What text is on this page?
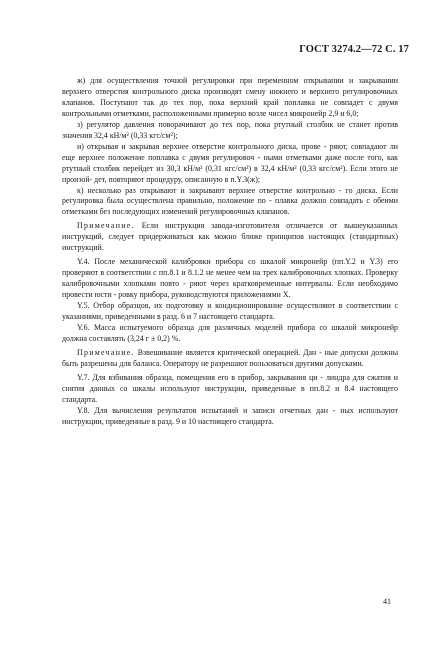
ГОСТ 3274.2—72 С. 17

ж) для осуществления точной регулировки при переменном открывании и закрывании верхнего отверстия контрольного диска производят смену нижнего и верхнего регулировочных клапанов. Поступают так до тех пор, пока верхний край поплавка не совпадет с двумя контрольными отметками, расположенными примерно возле чисел микронейр 2,9 и 6,0;

з) регулятор давления поворачивают до тех пор, пока ртутный столбик не станет против значения 32,4 кН/м² (0,33 кгс/см²);

и) открывая и закрывая верхнее отверстие контрольного диска, прове - ряют, совпадают ли еще верхнее положение поплавка с двумя регулировоч - ными отметками даже после того, как ртутный столбик перейдет из 30,3 кН/м² (0,31 кгс/см²) в 32,4 кН/м² (0,33 кгс/см²). Если этого не произой- дет, повторяют процедуру, описанную в п.Y.3(ж);

к) несколько раз открывают и закрывают верхнее отверстие контрольно - го диска. Если регулировка была осуществлена правильно, положение по - плавка должно совпадать с обеими отметками без последующих изменений регулировочных клапанов.

Примечание. Если инструкция завода-изготовителя отличается от вышеуказанных инструкций, следует придерживаться как можно ближе принципов настоящих (стандартных) инструкций.

Y.4. После механической калибровки прибора со шкалой микронейр (пп.Y.2 и Y.3) его проверяют в соответствии с пп.8.1 и 8.1.2 не менее чем на трех калибровочных хлопках. Проверку калибровочными хлопками повто - ряют через кратковременные интервалы. Если необходимо провести юсти - ровку прибора, руководствуются приложениями X.

Y.5. Отбор образцов, их подготовку и кондиционирование осуществляют в соответствии с указаниями, приведенными в разд. 6 и 7 настоящего стандарта.

Y.6. Масса испытуемого образца для различных моделей прибора со шкалой микронейр должна составлять (3,24 г ± 0,2) %.

Примечание. Взвешивание является критической операцией. Дан - ные допуски должны быть разрешены для баланса. Оператору не разрешают пользоваться другими допусками.

Y.7. Для взбивания образца, помещения его в прибор, закрывания ци - линдра для сжатия и снятия данных со шкалы используют инструкции, приведенные в пп.8.2 и 8.4 настоящего стандарта.

Y.8. Для вычисления результатов испытаний и записи отчетных дан - ных используют инструкции, приведенные в разд. 9 и 10 настоящего стандарта.

41
